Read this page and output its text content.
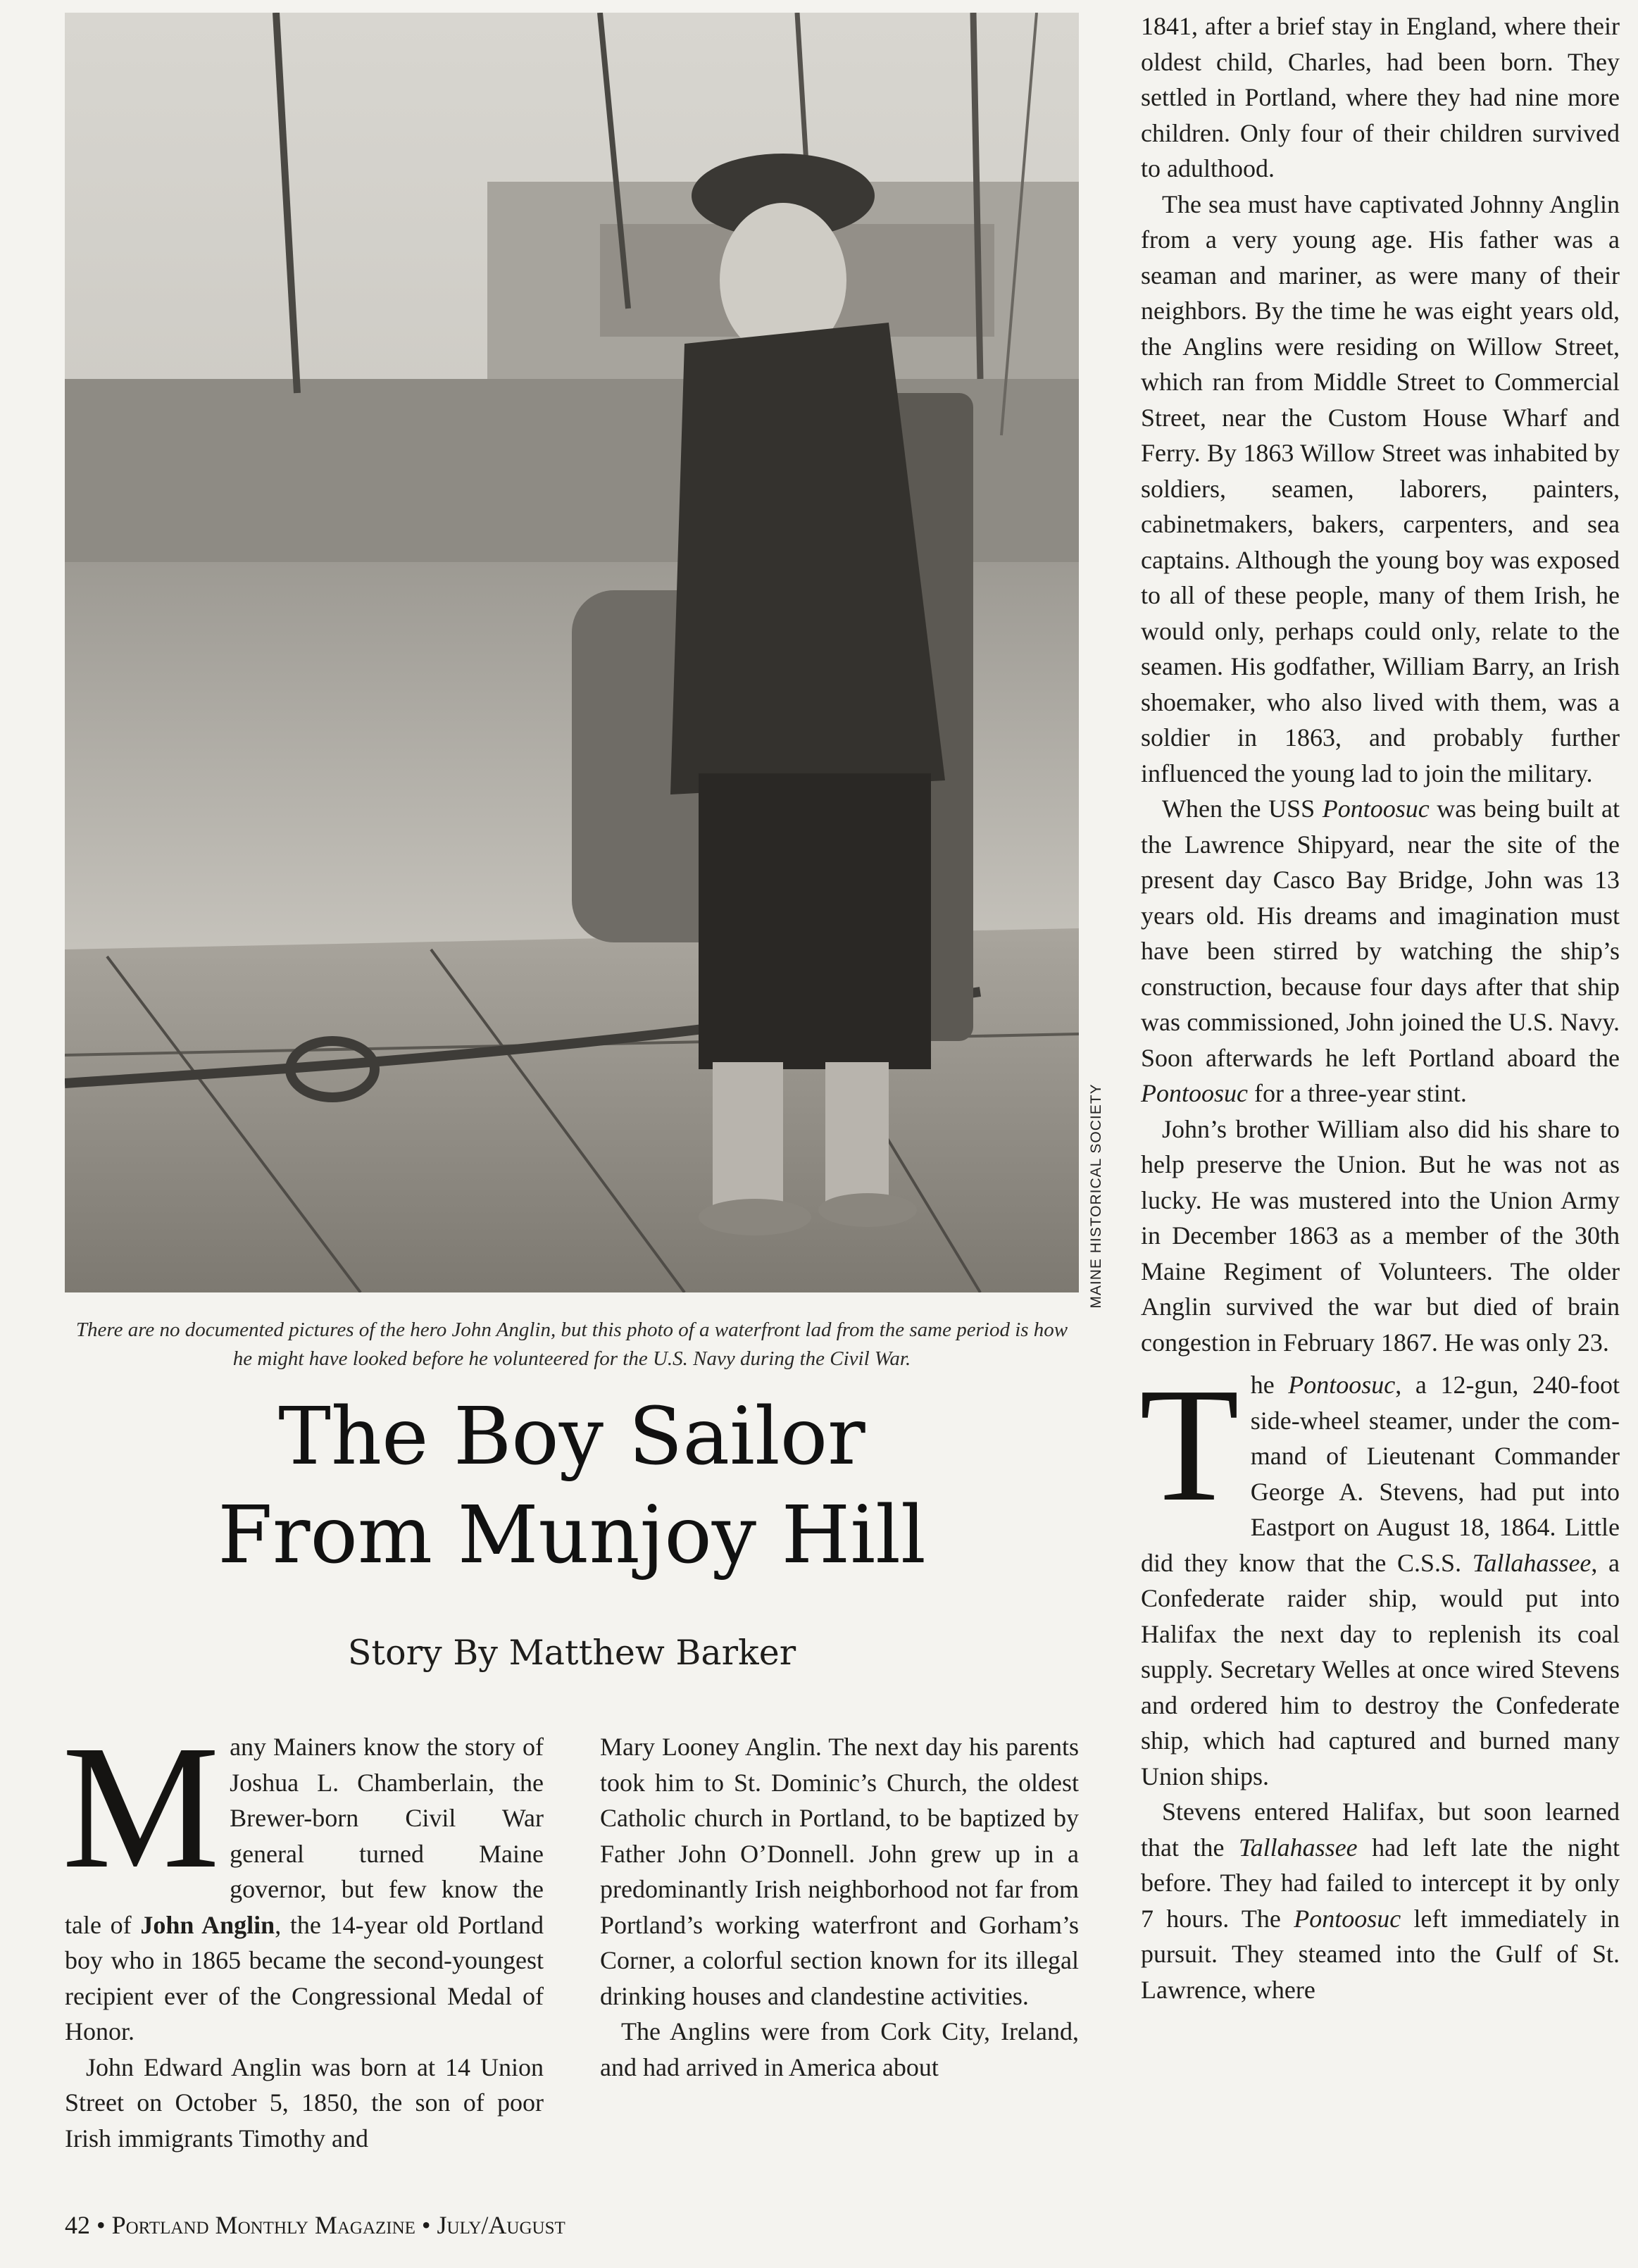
MAINE HISTORICAL SOCIETY
There are no documented pictures of the hero John Anglin, but this photo of a waterfront lad from the same period is how he might have looked before he volunteered for the U.S. Navy during the Civil War.
The Boy Sailor
From Munjoy Hill
Story By Matthew Barker

Many Mainers know the story of Joshua L. Chamberlain, the Brewer-born Civil War general turned Maine governor, but few know the tale of John Anglin, the 14-year old Portland boy who in 1865 became the second-youngest recipient ever of the Congressional Medal of Honor.

John Edward Anglin was born at 14 Union Street on October 5, 1850, the son of poor Irish immigrants Timothy and

Mary Looney Anglin. The next day his parents took him to St. Dominic’s Church, the oldest Catholic church in Portland, to be baptized by Father John O’Donnell. John grew up in a predominantly Irish neighborhood not far from Portland’s working waterfront and Gorham’s Corner, a colorful section known for its illegal drinking houses and clandestine activities.

The Anglins were from Cork City, Ireland, and had arrived in America about

1841, after a brief stay in England, where their oldest child, Charles, had been born. They settled in Portland, where they had nine more children. Only four of their children survived to adulthood.

The sea must have captivated Johnny Anglin from a very young age. His father was a seaman and mariner, as were many of their neighbors. By the time he was eight years old, the Anglins were residing on Willow Street, which ran from Middle Street to Commercial Street, near the Custom House Wharf and Ferry. By 1863 Willow Street was inhabited by soldiers, seamen, laborers, painters, cabinetmakers, bakers, carpenters, and sea captains. Although the young boy was exposed to all of these people, many of them Irish, he would only, perhaps could only, relate to the seamen. His godfather, William Barry, an Irish shoemaker, who also lived with them, was a soldier in 1863, and probably further influenced the young lad to join the military.

When the USS Pontoosuc was being built at the Lawrence Shipyard, near the site of the present day Casco Bay Bridge, John was 13 years old. His dreams and imagination must have been stirred by watching the ship’s construction, because four days after that ship was commissioned, John joined the U.S. Navy. Soon afterwards he left Portland aboard the Pontoosuc for a three-year stint.

John’s brother William also did his share to help preserve the Union. But he was not as lucky. He was mustered into the Union Army in December 1863 as a member of the 30th Maine Regiment of Volunteers. The older Anglin survived the war but died of brain congestion in February 1867. He was only 23.

The Pontoosuc, a 12-gun, 240-foot side-wheel steamer, under the command of Lieutenant Commander George A. Stevens, had put into Eastport on August 18, 1864. Little did they know that the C.S.S. Tallahassee, a Confederate raider ship, would put into Halifax the next day to replenish its coal supply. Secretary Welles at once wired Stevens and ordered him to destroy the Confederate ship, which had captured and burned many Union ships.

Stevens entered Halifax, but soon learned that the Tallahassee had left late the night before. They had failed to intercept it by only 7 hours. The Pontoosuc left immediately in pursuit. They steamed into the Gulf of St. Lawrence, where

42 • Portland Monthly Magazine • July/August
